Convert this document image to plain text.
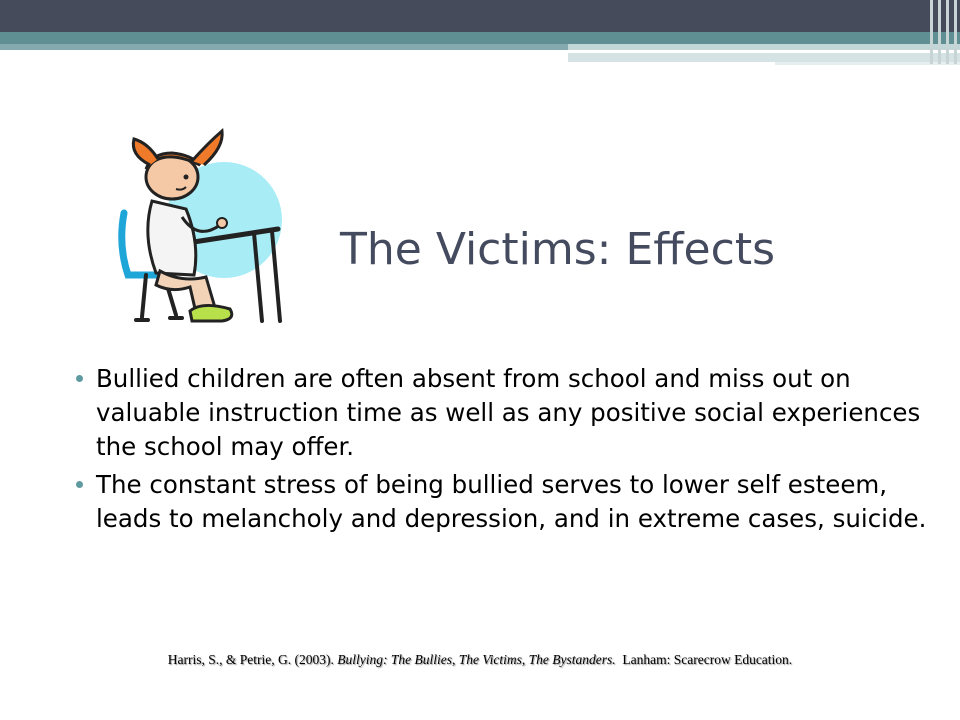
The Victims: Effects
Bullied children are often absent from school and miss out on valuable instruction time as well as any positive social experiences the school may offer.
The constant stress of being bullied serves to lower self esteem, leads to melancholy and depression, and in extreme cases, suicide.
Harris, S., & Petrie, G. (2003). Bullying: The Bullies, The Victims, The Bystanders.  Lanham: Scarecrow Education.
